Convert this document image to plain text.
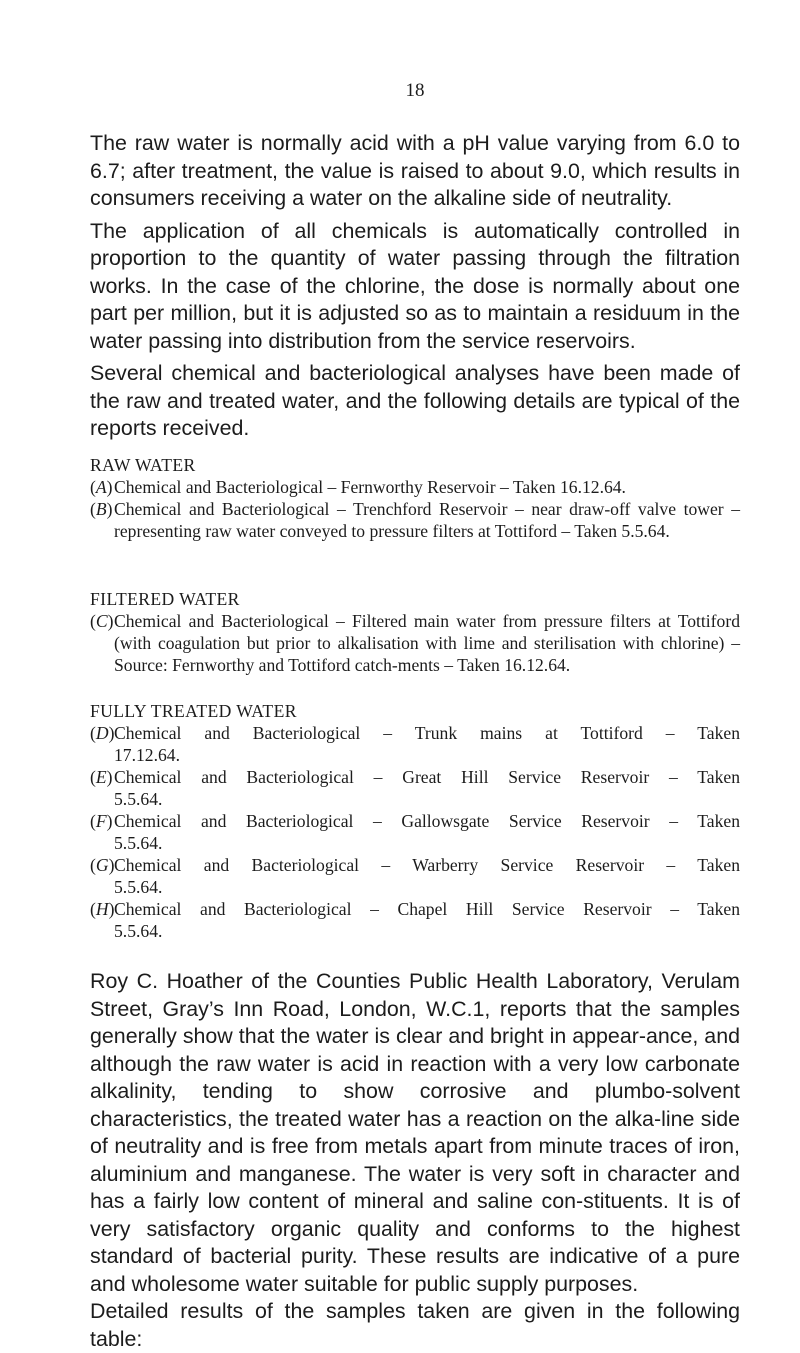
18

The raw water is normally acid with a pH value varying from 6.0 to 6.7; after treatment, the value is raised to about 9.0, which results in consumers receiving a water on the alkaline side of neutrality.

The application of all chemicals is automatically controlled in proportion to the quantity of water passing through the filtration works. In the case of the chlorine, the dose is normally about one part per million, but it is adjusted so as to maintain a residuum in the water passing into distribution from the service reservoirs.

Several chemical and bacteriological analyses have been made of the raw and treated water, and the following details are typical of the reports received.

RAW WATER

(A) Chemical and Bacteriological – Fernworthy Reservoir – Taken 16.12.64.
(B) Chemical and Bacteriological – Trenchford Reservoir – near draw-off valve tower – representing raw water conveyed to pressure filters at Tottiford – Taken 5.5.64.

FILTERED WATER

(C) Chemical and Bacteriological – Filtered main water from pressure filters at Tottiford (with coagulation but prior to alkalisation with lime and sterilisation with chlorine) – Source: Fernworthy and Tottiford catch-ments – Taken 16.12.64.

FULLY TREATED WATER

(D) Chemical and Bacteriological – Trunk mains at Tottiford – Taken
17.12.64.
(E) Chemical and Bacteriological – Great Hill Service Reservoir – Taken
5.5.64.
(F) Chemical and Bacteriological – Gallowsgate Service Reservoir – Taken
5.5.64.
(G) Chemical and Bacteriological – Warberry Service Reservoir – Taken
5.5.64.
(H) Chemical and Bacteriological – Chapel Hill Service Reservoir – Taken
5.5.64.

Roy C. Hoather of the Counties Public Health Laboratory, Verulam Street, Gray’s Inn Road, London, W.C.1, reports that the samples generally show that the water is clear and bright in appear-ance, and although the raw water is acid in reaction with a very low carbonate alkalinity, tending to show corrosive and plumbo-solvent characteristics, the treated water has a reaction on the alka-line side of neutrality and is free from metals apart from minute traces of iron, aluminium and manganese. The water is very soft in character and has a fairly low content of mineral and saline con-stituents. It is of very satisfactory organic quality and conforms to the highest standard of bacterial purity. These results are indicative of a pure and wholesome water suitable for public supply purposes.

Detailed results of the samples taken are given in the following table:
